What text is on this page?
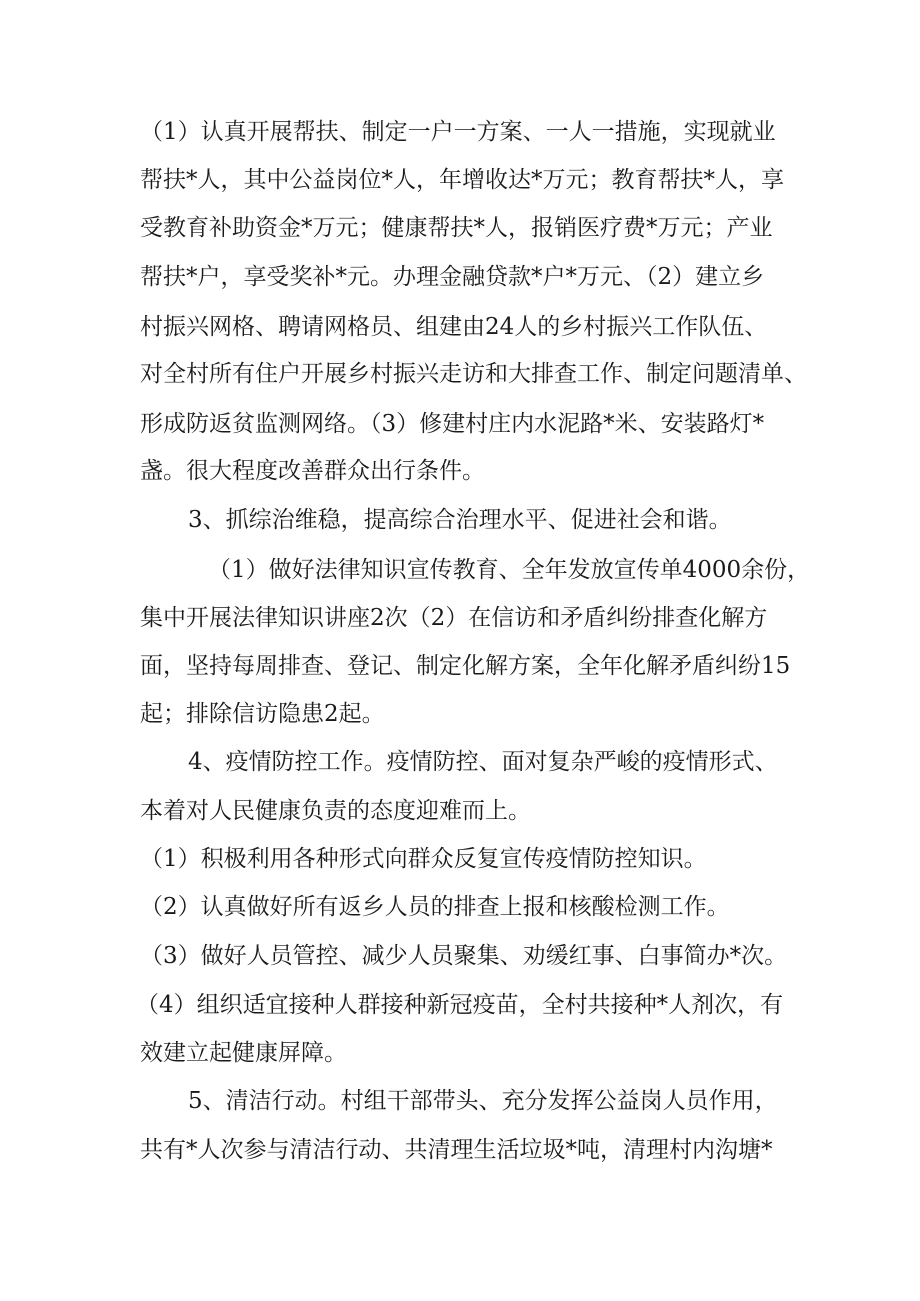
（1）认真开展帮扶、制定一户一方案、一人一措施，实现就业
帮扶*人，其中公益岗位*人，年增收达*万元；教育帮扶*人，享
受教育补助资金*万元；健康帮扶*人，报销医疗费*万元；产业
帮扶*户，享受奖补*元。办理金融贷款*户*万元、（2）建立乡
村振兴网格、聘请网格员、组建由24人的乡村振兴工作队伍、
对全村所有住户开展乡村振兴走访和大排查工作、制定问题清单、
形成防返贫监测网络。（3）修建村庄内水泥路*米、安装路灯*
盏。很大程度改善群众出行条件。
3、抓综治维稳，提高综合治理水平、促进社会和谐。
（1）做好法律知识宣传教育、全年发放宣传单4000余份，
集中开展法律知识讲座2次（2）在信访和矛盾纠纷排查化解方
面，坚持每周排查、登记、制定化解方案，全年化解矛盾纠纷15
起；排除信访隐患2起。
4、疫情防控工作。疫情防控、面对复杂严峻的疫情形式、
本着对人民健康负责的态度迎难而上。
（1）积极利用各种形式向群众反复宣传疫情防控知识。
（2）认真做好所有返乡人员的排查上报和核酸检测工作。
（3）做好人员管控、减少人员聚集、劝缓红事、白事简办*次。
（4）组织适宜接种人群接种新冠疫苗，全村共接种*人剂次，有
效建立起健康屏障。
5、清洁行动。村组干部带头、充分发挥公益岗人员作用，
共有*人次参与清洁行动、共清理生活垃圾*吨，清理村内沟塘*
